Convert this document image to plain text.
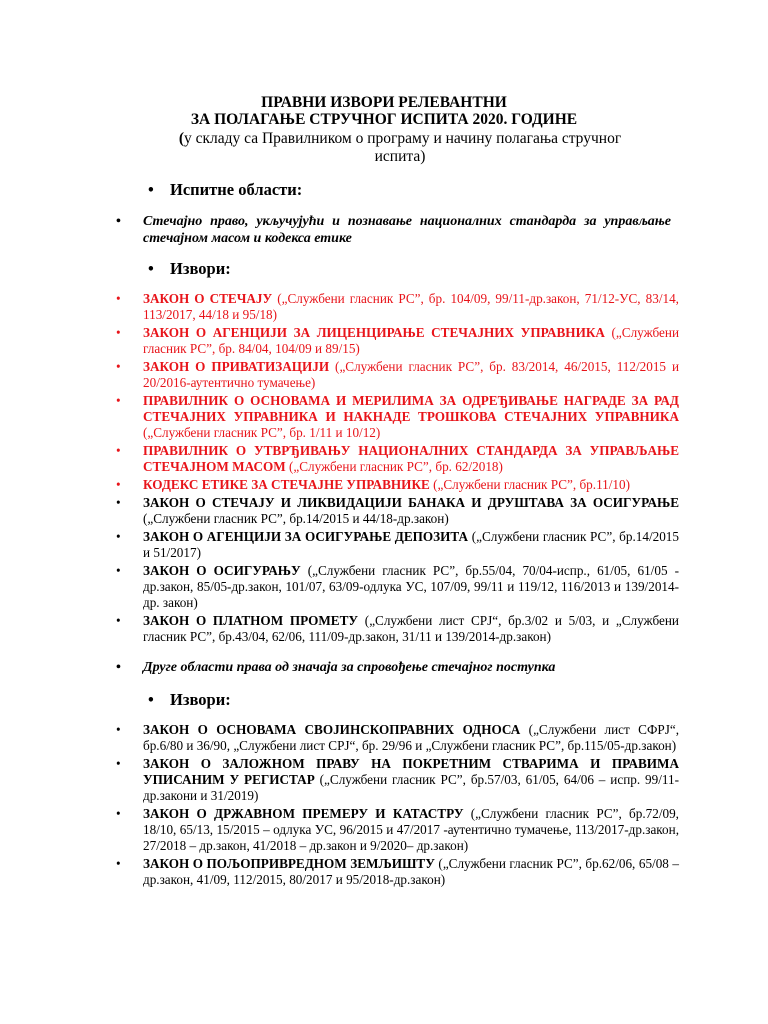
ПРАВНИ ИЗВОРИ РЕЛЕВАНТНИ
ЗА ПОЛАГАЊЕ СТРУЧНОГ ИСПИТА 2020. ГОДИНЕ
(у складу са Правилником о програму и начину полагања стручног испита)
• Испитне области:
• Стечајно право, укључујући и познавање националних стандарда за управљање стечајном масом и кодекса етике
• Извори:
• ЗАКОН О СТЕЧАЈУ („Службени гласник РС”, бр. 104/09, 99/11-др.закон, 71/12-УС, 83/14, 113/2017, 44/18 и 95/18)
• ЗАКОН О АГЕНЦИЈИ ЗА ЛИЦЕНЦИРАЊЕ СТЕЧАЈНИХ УПРАВНИКА („Службени гласник РС”, бр. 84/04, 104/09 и 89/15)
• ЗАКОН О ПРИВАТИЗАЦИЈИ („Службени гласник РС”, бр. 83/2014, 46/2015, 112/2015 и 20/2016-аутентично тумачење)
• ПРАВИЛНИК О ОСНОВАМА И МЕРИЛИМА ЗА ОДРЕЂИВАЊЕ НАГРАДЕ ЗА РАД СТЕЧАЈНИХ УПРАВНИКА И НАКНАДЕ ТРОШКОВА СТЕЧАЈНИХ УПРАВНИКА („Службени гласник РС”, бр. 1/11 и 10/12)
• ПРАВИЛНИК О УТВРЂИВАЊУ НАЦИОНАЛНИХ СТАНДАРДА ЗА УПРАВЉАЊЕ СТЕЧАЈНОМ МАСОМ („Службени гласник РС”, бр. 62/2018)
• КОДЕКС ЕТИКЕ ЗА СТЕЧАЈНЕ УПРАВНИКЕ („Службени гласник РС”, бр.11/10)
• ЗАКОН О СТЕЧАЈУ И ЛИКВИДАЦИЈИ БАНАКА И ДРУШТАВА ЗА ОСИГУРАЊЕ („Службени гласник РС”, бр.14/2015 и 44/18-др.закон)
• ЗАКОН О АГЕНЦИЈИ ЗА ОСИГУРАЊЕ ДЕПОЗИТА („Службени гласник РС”, бр.14/2015 и 51/2017)
• ЗАКОН О ОСИГУРАЊУ („Службени гласник РС”, бр.55/04, 70/04-испр., 61/05, 61/05 - др.закон, 85/05-др.закон, 101/07, 63/09-одлука УС, 107/09, 99/11 и 119/12, 116/2013 и 139/2014-др. закон)
• ЗАКОН О ПЛАТНОМ ПРОМЕТУ („Службени лист СРЈ“, бр.3/02 и 5/03, и „Службени гласник РС”, бр.43/04, 62/06, 111/09-др.закон, 31/11 и 139/2014-др.закон)
• Друге области права од значаја за спровођење стечајног поступка
• Извори:
• ЗАКОН О ОСНОВАМА СВОЈИНСКОПРАВНИХ ОДНОСА („Службени лист СФРЈ“, бр.6/80 и 36/90, „Службени лист СРЈ“, бр. 29/96 и „Службени гласник РС”, бр.115/05-др.закон)
• ЗАКОН О ЗАЛОЖНОМ ПРАВУ НА ПОКРЕТНИМ СТВАРИМА И ПРАВИМА УПИСАНИМ У РЕГИСТАР („Службени гласник РС”, бр.57/03, 61/05, 64/06 – испр. 99/11-др.закони и 31/2019)
• ЗАКОН О ДРЖАВНОМ ПРЕМЕРУ И КАТАСТРУ („Службени гласник РС”, бр.72/09, 18/10, 65/13, 15/2015 – одлука УС, 96/2015 и 47/2017 -аутентично тумачење, 113/2017-др.закон, 27/2018 – др.закон, 41/2018 – др.закон и 9/2020– др.закон)
• ЗАКОН О ПОЉОПРИВРЕДНОМ ЗЕМЉИШТУ („Службени гласник РС”, бр.62/06, 65/08 – др.закон, 41/09, 112/2015, 80/2017 и 95/2018-др.закон)
